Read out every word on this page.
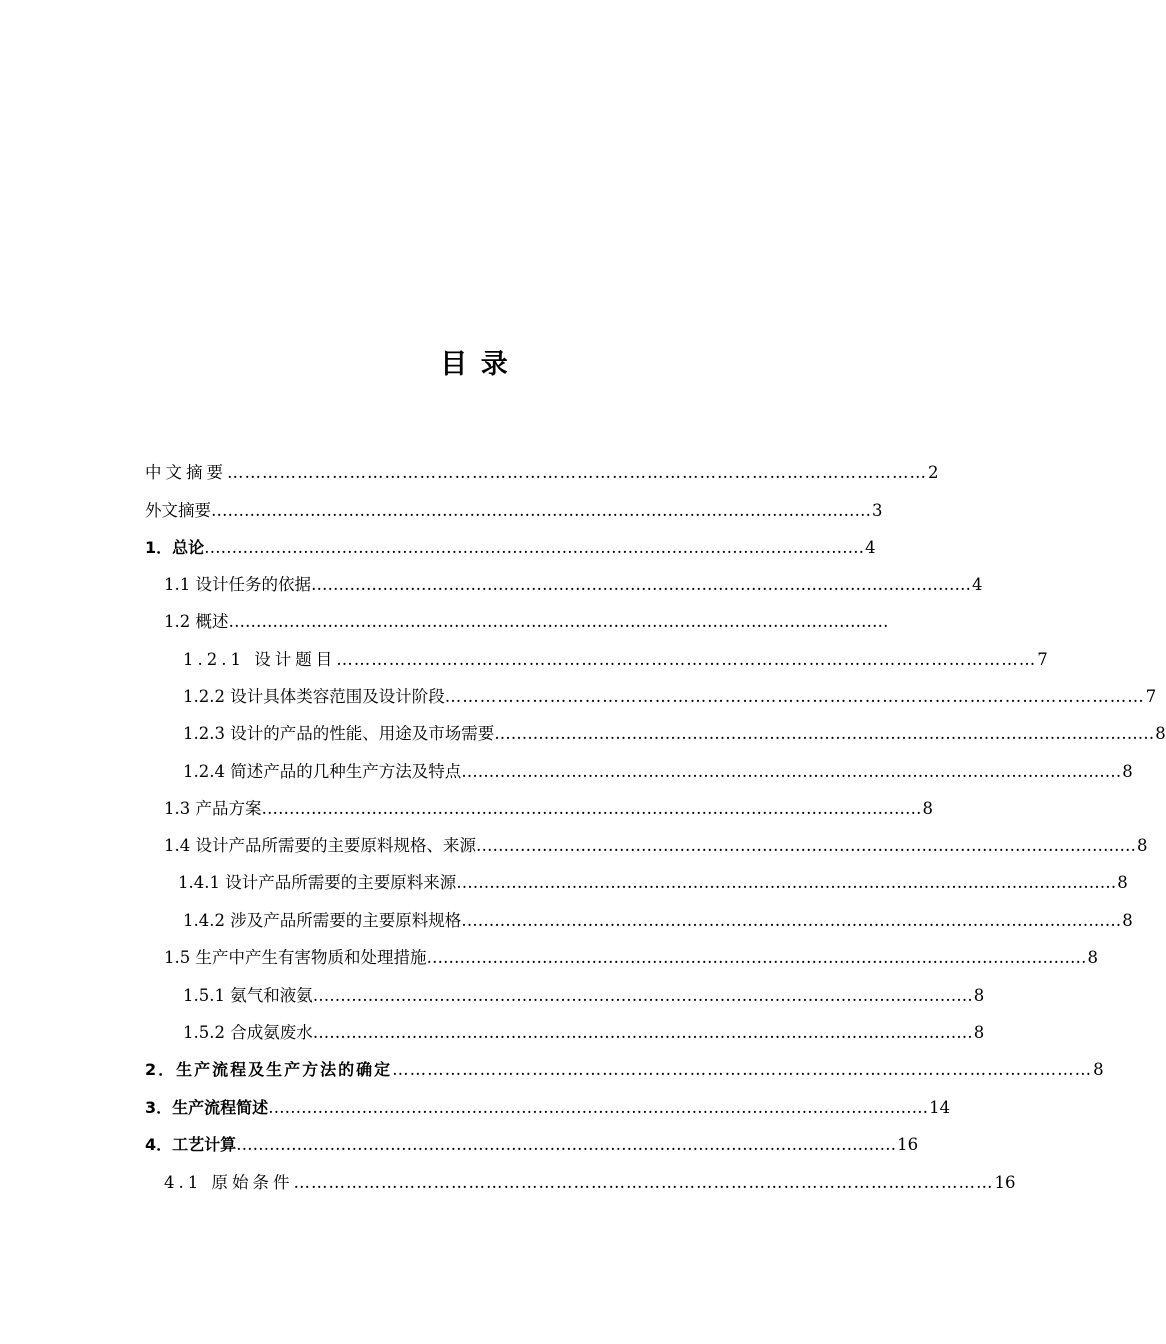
目 录
中文摘要 ………………………………………………………………………………………………………… 2
外文摘要 ………………………………………………………………………………………………………… 3
1．总论 ………………………………………………………………………………………………………… 4
1.1 设计任务的依据 ………………………………………………………………………………………………………… 4
1.2 概述 …………………………………………………………………………………………………………
1.2.1 设计题目 ………………………………………………………………………………………………………… 7
1.2.2 设计具体类容范围及设计阶段 ………………………………………………………………………………………………………… 7
1.2.3 设计的产品的性能、用途及市场需要 ………………………………………………………………………………………………………… 8
1.2.4 简述产品的几种生产方法及特点 ………………………………………………………………………………………………………… 8
1.3 产品方案 ………………………………………………………………………………………………………… 8
1.4 设计产品所需要的主要原料规格、来源 ………………………………………………………………………………………………………… 8
1.4.1 设计产品所需要的主要原料来源 ………………………………………………………………………………………………………… 8
1.4.2 涉及产品所需要的主要原料规格 ………………………………………………………………………………………………………… 8
1.5 生产中产生有害物质和处理措施 ………………………………………………………………………………………………………… 8
1.5.1 氨气和液氨 ………………………………………………………………………………………………………… 8
1.5.2 合成氨废水 ………………………………………………………………………………………………………… 8
2．生产流程及生产方法的确定 ………………………………………………………………………………………………………… 8
3．生产流程简述 ………………………………………………………………………………………………………… 14
4．工艺计算 ………………………………………………………………………………………………………… 16
4.1 原始条件 ………………………………………………………………………………………………………… 16
